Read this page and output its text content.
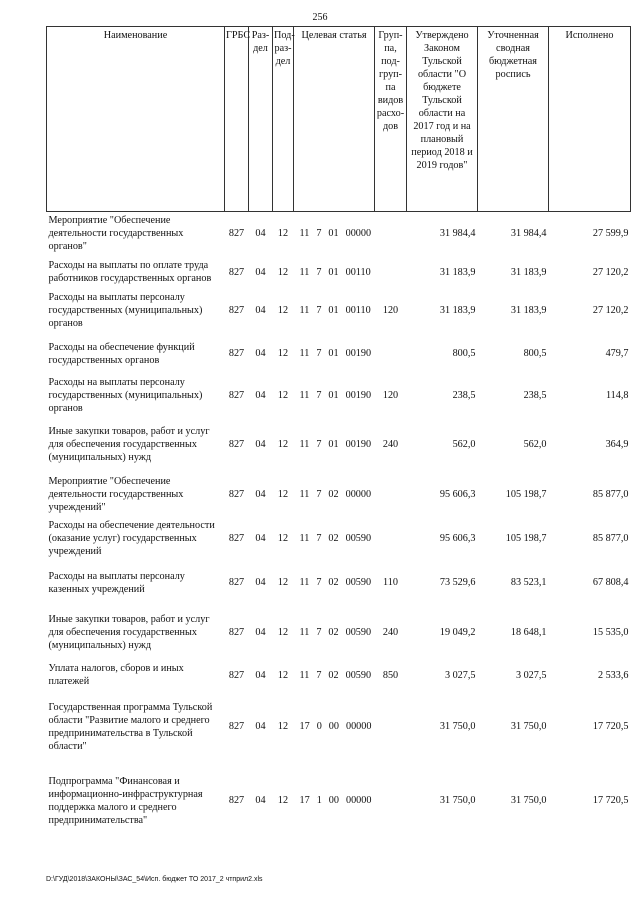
256
Наименование	ГРБС	Раз-дел	Под-раз-дел	Целевая статья	Груп-па, под-груп-па видов расхо-дов	Утверждено Законом Тульской области "О бюджете Тульской области на 2017 год и на плановый период 2018 и 2019 годов"	Уточненная сводная бюджетная роспись	Исполнено
Мероприятие "Обеспечение деятельности государственных органов"	827	04	12	11 7 01 00000		31 984,4	31 984,4	27 599,9
Расходы на выплаты по оплате труда работников государственных органов	827	04	12	11 7 01 00110		31 183,9	31 183,9	27 120,2
Расходы на выплаты персоналу государственных (муниципальных) органов	827	04	12	11 7 01 00110	120	31 183,9	31 183,9	27 120,2
Расходы на обеспечение функций государственных органов	827	04	12	11 7 01 00190		800,5	800,5	479,7
Расходы на выплаты персоналу государственных (муниципальных) органов	827	04	12	11 7 01 00190	120	238,5	238,5	114,8
Иные закупки товаров, работ и услуг для обеспечения государственных (муниципальных) нужд	827	04	12	11 7 01 00190	240	562,0	562,0	364,9
Мероприятие "Обеспечение деятельности государственных учреждений"	827	04	12	11 7 02 00000		95 606,3	105 198,7	85 877,0
Расходы на обеспечение деятельности (оказание услуг) государственных учреждений	827	04	12	11 7 02 00590		95 606,3	105 198,7	85 877,0
Расходы на выплаты персоналу казенных учреждений	827	04	12	11 7 02 00590	110	73 529,6	83 523,1	67 808,4
Иные закупки товаров, работ и услуг для обеспечения государственных (муниципальных) нужд	827	04	12	11 7 02 00590	240	19 049,2	18 648,1	15 535,0
Уплата налогов, сборов и иных платежей	827	04	12	11 7 02 00590	850	3 027,5	3 027,5	2 533,6
Государственная программа Тульской области "Развитие малого и среднего предпринимательства в Тульской области"	827	04	12	17 0 00 00000		31 750,0	31 750,0	17 720,5
Подпрограмма "Финансовая и информационно-инфраструктурная поддержка малого и среднего предпринимательства"	827	04	12	17 1 00 00000		31 750,0	31 750,0	17 720,5
D:\ГУД\2018\ЗАКОНЫ\ЗАС_54\Исп. бюджет ТО 2017_2 чтприл2.xls
